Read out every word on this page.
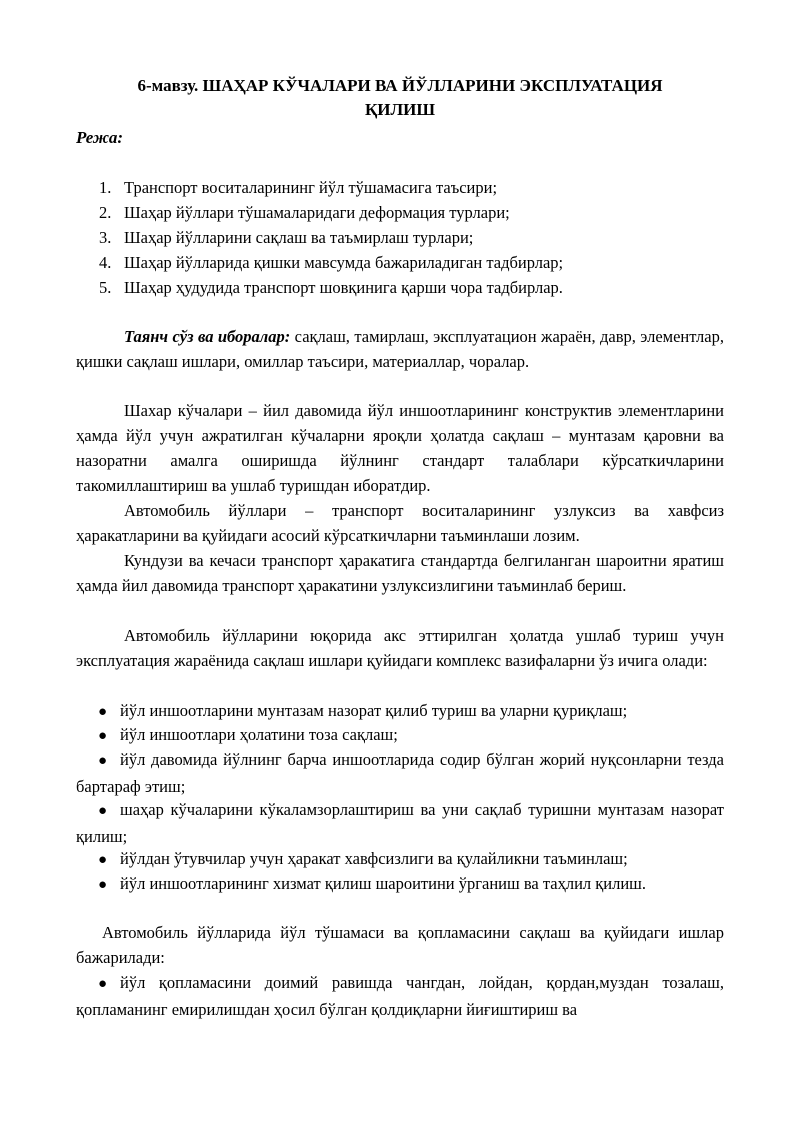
6-мавзу. ШАҲАР КЎЧАЛАРИ ВА ЙЎЛЛАРИНИ ЭКСПЛУАТАЦИЯ
ҚИЛИШ
Режа:
1. Транспорт воситаларининг йўл тўшамасига таъсири;
2. Шаҳар йўллари тўшамаларидаги деформация турлари;
3. Шаҳар йўлларини сақлаш ва таъмирлаш турлари;
4. Шаҳар йўлларида қишки мавсумда бажариладиган тадбирлар;
5. Шаҳар ҳудудида транспорт шовқинига қарши чора тадбирлар.

Таянч сўз ва иборалар: сақлаш, тамирлаш, эксплуатацион жараён, давр, элементлар, қишки сақлаш ишлари, омиллар таъсири, материаллар, чоралар.

Шахар кўчалари – йил давомида йўл иншоотларининг конструктив элементларини ҳамда йўл учун ажратилган кўчаларни яроқли ҳолатда сақлаш – мунтазам қаровни ва назоратни амалга оширишда йўлнинг стандарт талаблари кўрсаткичларини такомиллаштириш ва ушлаб туришдан иборатдир.

Автомобиль йўллари – транспорт воситаларининг узлуксиз ва хавфсиз ҳаракатларини ва қуйидаги асосий кўрсаткичларни таъминлаши лозим.

Кундузи ва кечаси транспорт ҳаракатига стандартда белгиланган шароитни яратиш ҳамда йил давомида транспорт ҳаракатини узлуксизлигини таъминлаб бериш.

Автомобиль йўлларини юқорида акс эттирилган ҳолатда ушлаб туриш учун эксплуатация жараёнида сақлаш ишлари қуйидаги комплекс вазифаларни ўз ичига олади:

● йўл иншоотларини мунтазам назорат қилиб туриш ва уларни қуриқлаш;

● йўл иншоотлари ҳолатини тоза сақлаш;

● йўл давомида йўлнинг барча иншоотларида содир бўлган жорий нуқсонларни тезда бартараф этиш;

● шаҳар кўчаларини кўкаламзорлаштириш ва уни сақлаб туришни мунтазам назорат қилиш;

● йўлдан ўтувчилар учун ҳаракат хавфсизлиги ва қулайликни таъминлаш;

● йўл иншоотларининг хизмат қилиш шароитини ўрганиш ва таҳлил қилиш.

Автомобиль йўлларида йўл тўшамаси ва қопламасини сақлаш ва қуйидаги ишлар бажарилади:

● йўл қопламасини доимий равишда чангдан, лойдан, қордан,муздан тозалаш, қопламанинг емирилишдан ҳосил бўлган қолдиқларни йиғиштириш ва
